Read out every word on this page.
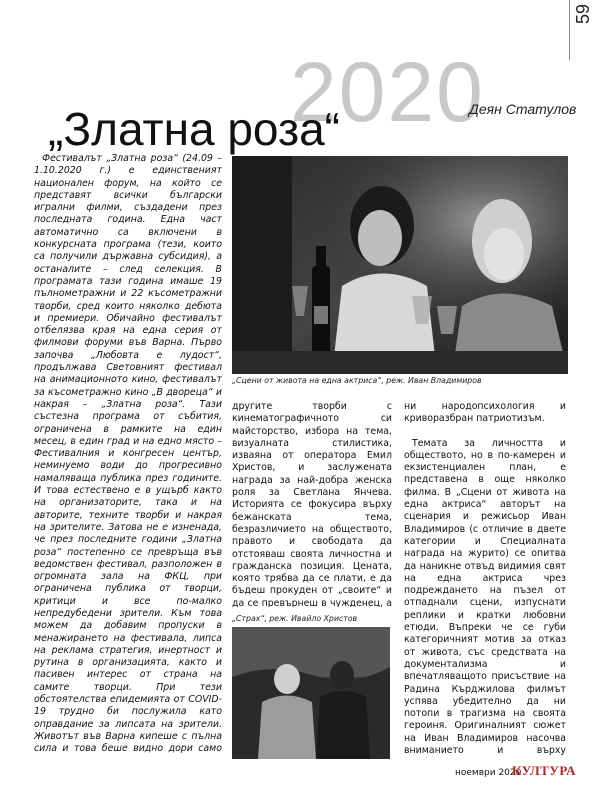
59
2020
„Златна роза“	Деян Статулов

Фестивалът „Златна роза“ (24.09 – 1.10.2020 г.) е единственият национален форум, на който се представят всички български игрални филми, създадени през последната година. Една част автоматично са включени в конкурсната програма (тези, които са получили държавна субсидия), а останалите – след селекция. В програмата тази година имаше 19 пълнометражни и 22 късометражни творби, сред които няколко дебюта и премиери. Обичайно фестивалът отбелязва края на една серия от филмови форуми във Варна. Първо започва „Любовта е лудост“, продължава Световният фестивал на анимационното кино, фестивалът за късометражно кино „В двореца“ и накрая – „Златна роза“. Тази състезна програма от събития, ограничена в рамките на един месец, в един град и на едно място – Фестивалния и конгресен център, неминуемо води до прогресивно намаляваща публика през годините. И това естествено е в ущърб както на организаторите, така и на авторите, техните творби и накрая на зрителите. Затова не е изненада, че през последните години „Златна роза“ постепенно се превръща във ведомствен фестивал, разположен в огромната зала на ФКЦ, при ограничена публика от творци, критици и все по-малко непредубедени зрители. Към това можем да добавим пропуски в менажирането на фестивала, липса на реклама стратегия, инертност и рутина в организацията, както и пасивен интерес от страна на самите творци. При тези обстоятелства епидемията от COVID-19 трудно би послужила като оправдание за липсата на зрители. Животът във Варна кипеше с пълна сила и това беше видно дори само

„Сцени от живота на една актриса“, реж. Иван Владимиров

другите творби с кинематографичното си майсторство, избора на тема, визуалната стилистика, изваяна от оператора Емил Христов, и заслужената награда за най-добра женска роля за Светлана Янчева. Историята се фокусира върху бежанската тема, безразличието на обществото, правото и свободата да отстояваш своята личностна и гражданска позиция. Цената, която трябва да се плати, е да бъдеш прокуден от „своите“ и да се превърнеш в чужденец, a

„Страх“, реж. Ивайло Христов

ни народопсихология и криворазбран патриотизъм.

Темата за личността и обществото, но в по-камерен и екзистенциален план, е представена в още няколко филма. В „Сцени от живота на една актриса“ авторът на сценария и режисьор Иван Владимиров (с отличие в двете категории и Специалната награда на журито) се опитва да наникне отвъд видимия свят на една актриса чрез подреждането на пъзел от отпаднали сцени, изпуснати реплики и кратки любовни етюди. Въпреки че се губи категоричният мотив за отказ от живота, със средствата на документализма и впечатляващото присъствие на Радина Кърджилова филмът успява убедително да ни потопи в трагизма на своята героиня. Оригиналният сюжет на Иван Владимиров насочва вниманието и върху

ноември 2020
КУЛТУРА
